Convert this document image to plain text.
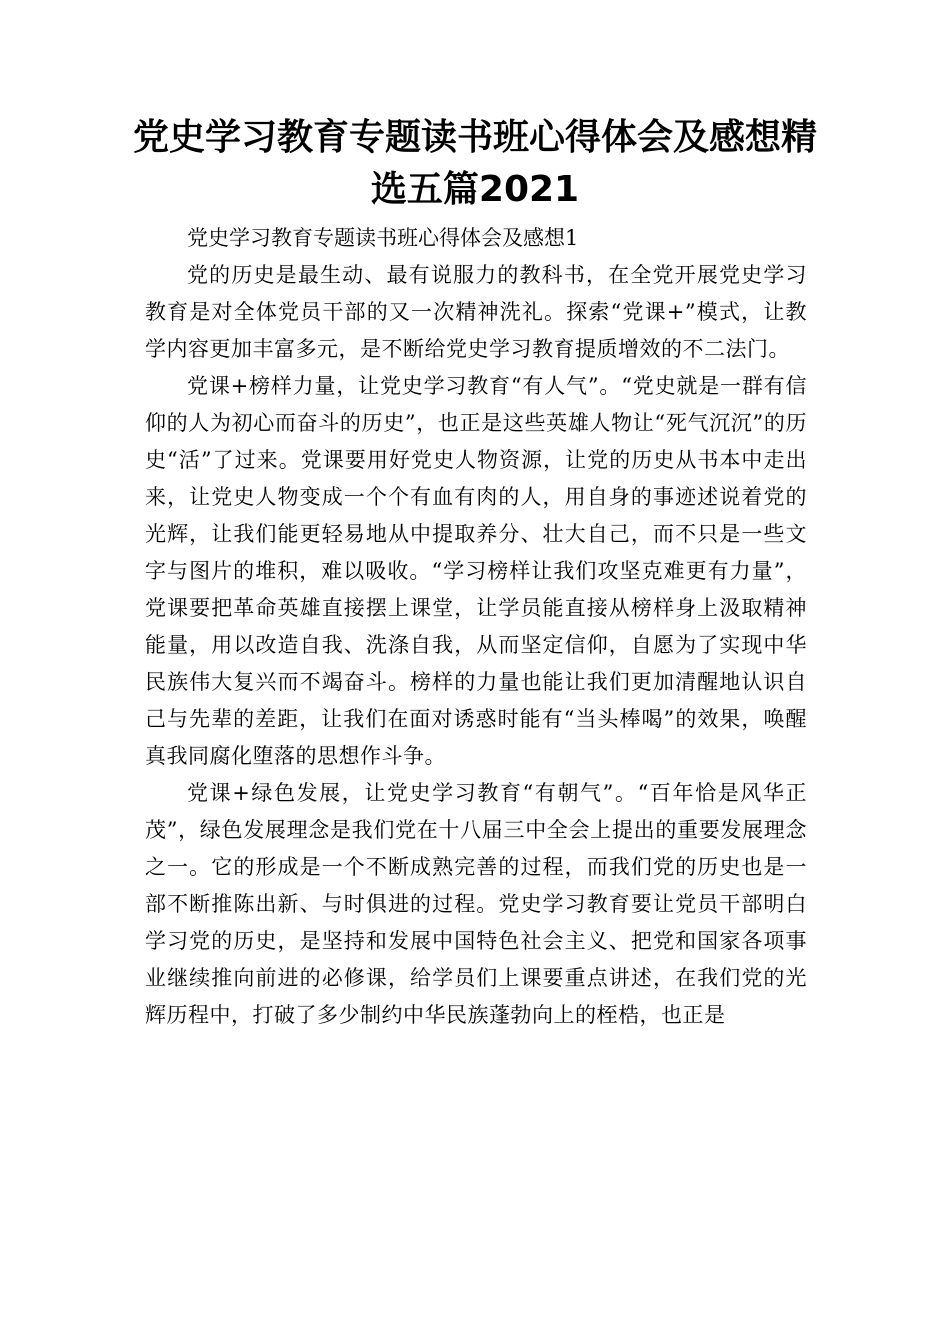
党史学习教育专题读书班心得体会及感想精选五篇2021

党史学习教育专题读书班心得体会及感想1

党的历史是最生动、最有说服力的教科书，在全党开展党史学习教育是对全体党员干部的又一次精神洗礼。探索“党课+”模式，让教学内容更加丰富多元，是不断给党史学习教育提质增效的不二法门。

党课+榜样力量，让党史学习教育“有人气”。“党史就是一群有信仰的人为初心而奋斗的历史”，也正是这些英雄人物让“死气沉沉”的历史“活”了过来。党课要用好党史人物资源，让党的历史从书本中走出来，让党史人物变成一个个有血有肉的人，用自身的事迹述说着党的光辉，让我们能更轻易地从中提取养分、壮大自己，而不只是一些文字与图片的堆积，难以吸收。“学习榜样让我们攻坚克难更有力量”，党课要把革命英雄直接摆上课堂，让学员能直接从榜样身上汲取精神能量，用以改造自我、洗涤自我，从而坚定信仰，自愿为了实现中华民族伟大复兴而不竭奋斗。榜样的力量也能让我们更加清醒地认识自己与先辈的差距，让我们在面对诱惑时能有“当头棒喝”的效果，唤醒真我同腐化堕落的思想作斗争。

党课+绿色发展，让党史学习教育“有朝气”。“百年恰是风华正茂”，绿色发展理念是我们党在十八届三中全会上提出的重要发展理念之一。它的形成是一个不断成熟完善的过程，而我们党的历史也是一部不断推陈出新、与时俱进的过程。党史学习教育要让党员干部明白学习党的历史，是坚持和发展中国特色社会主义、把党和国家各项事业继续推向前进的必修课，给学员们上课要重点讲述，在我们党的光辉历程中，打破了多少制约中华民族蓬勃向上的桎梏，也正是
